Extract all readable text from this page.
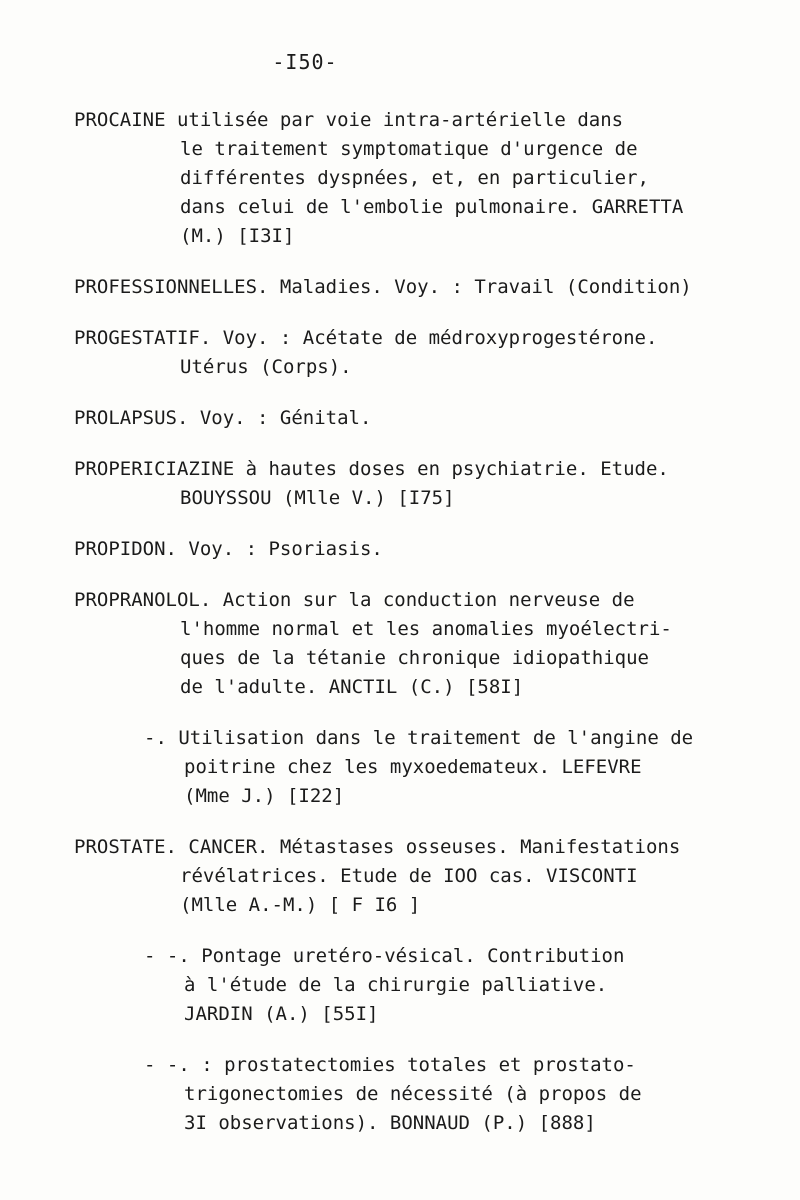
-I50-
PROCAINE utilisée par voie intra-artérielle dans
le traitement symptomatique d'urgence de
différentes dyspnées, et, en particulier,
dans celui de l'embolie pulmonaire. GARRETTA
(M.) [I3I]
PROFESSIONNELLES. Maladies. Voy. : Travail (Condition)
PROGESTATIF. Voy. : Acétate de médroxyprogestérone.
Utérus (Corps).
PROLAPSUS. Voy. : Génital.
PROPERICIAZINE à hautes doses en psychiatrie. Etude.
BOUYSSOU (Mlle V.) [I75]
PROPIDON. Voy. : Psoriasis.
PROPRANOLOL. Action sur la conduction nerveuse de
l'homme normal et les anomalies myoélectri-
ques de la tétanie chronique idiopathique
de l'adulte. ANCTIL (C.) [58I]
-. Utilisation dans le traitement de l'angine de
poitrine chez les myxoedemateux. LEFEVRE
(Mme J.) [I22]
PROSTATE. CANCER. Métastases osseuses. Manifestations
révélatrices. Etude de IOO cas. VISCONTI
(Mlle A.-M.) [ F I6 ]
- -. Pontage uretéro-vésical. Contribution
à l'étude de la chirurgie palliative.
JARDIN (A.) [55I]
- -. : prostatectomies totales et prostato-
trigonectomies de nécessité (à propos de
3I observations). BONNAUD (P.) [888]
